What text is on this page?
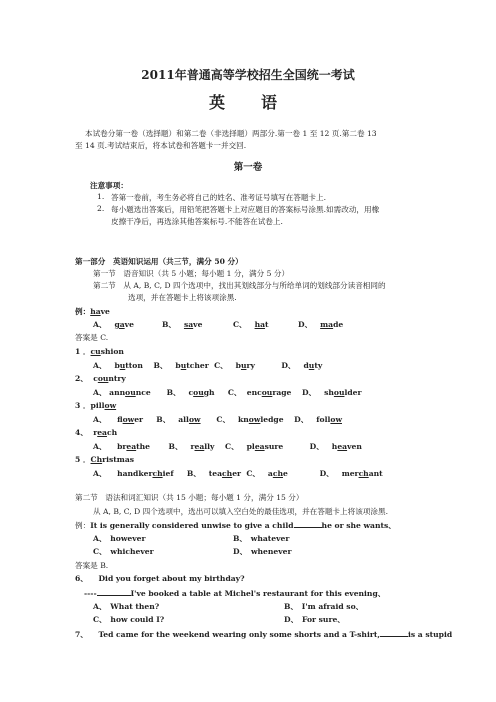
2011年普通高等学校招生全国统一考试
英　语
本试卷分第一卷（选择题）和第二卷（非选择题）两部分.第一卷 1 至 12 页.第二卷 13
至 14 页.考试结束后，将本试卷和答题卡一并交回.
第一卷
注意事项：
1. 答第一卷前，考生务必将自己的姓名、准考证号填写在答题卡上.
2. 每小题选出答案后，用铅笔把答题卡上对应题目的答案标号涂黑.如需改动，用橡
皮擦干净后，再选涂其他答案标号.不能答在试卷上.
第一部分　英语知识运用（共三节，满分 50 分）
第一节　语音知识（共 5 小题；每小题 1 分，满分 5 分）
第二节　从 A, B, C, D 四个选项中，找出其划线部分与所给单词的划线部分读音相同的
选项，并在答题卡上将该项涂黑.
例：have
A、 gave	B、 save	C、 hat	D、 made
答案是 C.
1 ．cushion
A、 button B、 butcher C、 bury	D、 duty
2、 country
A、 announce B、 cough C、 encourage D、 shoulder
3 ．pillow
A、 flower B、 allow C、 knowledge D、 follow
4、 reach
A、 breathe B、 really C、 pleasure	D、 heaven
5 ．Christmas
A、 handkerchief B、 teacher C、 ache	D、 merchant
第二节　语法和词汇知识（共 15 小题；每小题 1 分，满分 15 分）
从 A, B, C, D 四个选项中，选出可以填入空白处的最佳选项，并在答题卡上将该项涂黑.
例：It is generally considered unwise to give a child	he or she wants、
A、　however	B、　whatever
C、　whichever	D、　whenever
答案是 B.
6、 Did you forget about my birthday?
----	I've booked a table at Michel's restaurant for this evening、
A、　What then?	B、　I'm afraid so、
C、　how could I?	D、　For sure、
7、 Ted came for the weekend wearing only some shorts and a T-shirt,	is a stupid
